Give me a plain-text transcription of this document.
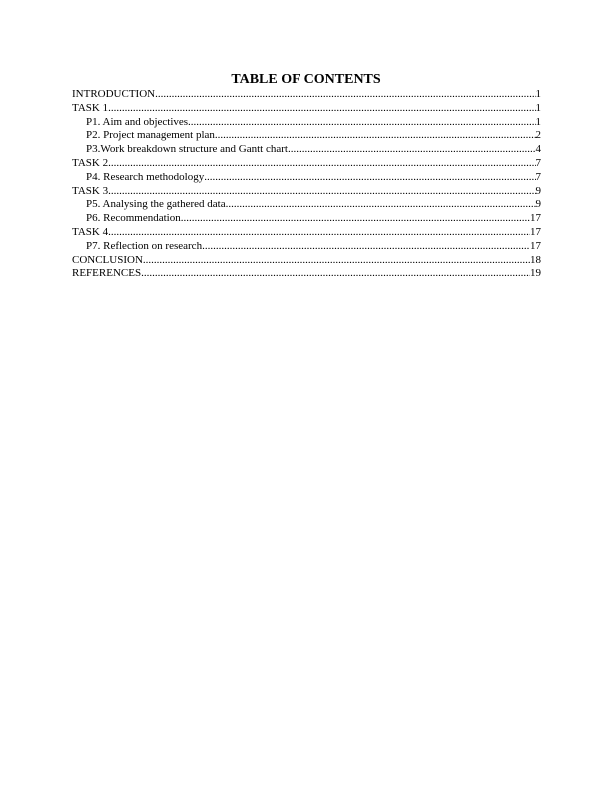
TABLE OF CONTENTS
INTRODUCTION .....	1
TASK 1 .....	1
P1. Aim and objectives .....	1
P2. Project management plan .....	2
P3.Work breakdown structure and Gantt chart .....	4
TASK 2 .....	7
P4. Research methodology .....	7
TASK 3 .....	9
P5. Analysing the gathered data .....	9
P6. Recommendation .....	17
TASK 4 .....	17
P7. Reflection on research .....	17
CONCLUSION .....	18
REFERENCES .....	19
